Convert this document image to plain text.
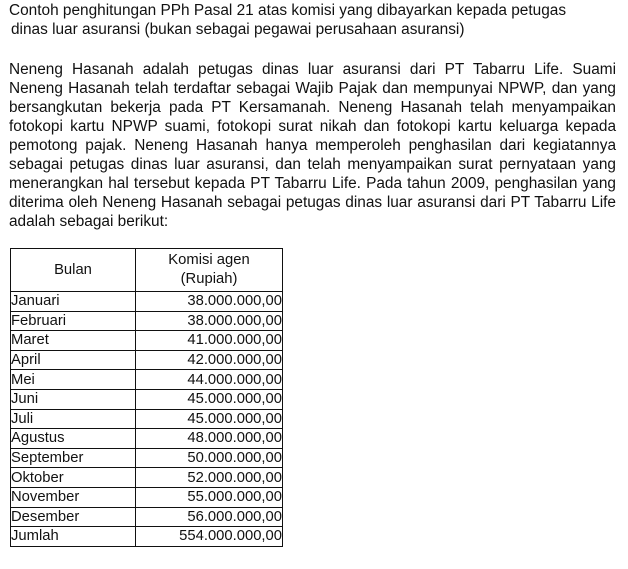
Contoh penghitungan PPh Pasal 21 atas komisi yang dibayarkan kepada petugas
dinas luar asuransi (bukan sebagai pegawai perusahaan asuransi)

Neneng Hasanah adalah petugas dinas luar asuransi dari PT Tabarru Life. Suami Neneng Hasanah telah terdaftar sebagai Wajib Pajak dan mempunyai NPWP, dan yang bersangkutan bekerja pada PT Kersamanah. Neneng Hasanah telah menyampaikan fotokopi kartu NPWP suami, fotokopi surat nikah dan fotokopi kartu keluarga kepada pemotong pajak. Neneng Hasanah hanya memperoleh penghasilan dari kegiatannya sebagai petugas dinas luar asuransi, dan telah menyampaikan surat pernyataan yang menerangkan hal tersebut kepada PT Tabarru Life. Pada tahun 2009, penghasilan yang diterima oleh Neneng Hasanah sebagai petugas dinas luar asuransi dari PT Tabarru Life adalah sebagai berikut:

Bulan	Komisi agen
(Rupiah)
Januari	38.000.000,00
Februari	38.000.000,00
Maret	41.000.000,00
April	42.000.000,00
Mei	44.000.000,00
Juni	45.000.000,00
Juli	45.000.000,00
Agustus	48.000.000,00
September	50.000.000,00
Oktober	52.000.000,00
November	55.000.000,00
Desember	56.000.000,00
Jumlah	554.000.000,00
